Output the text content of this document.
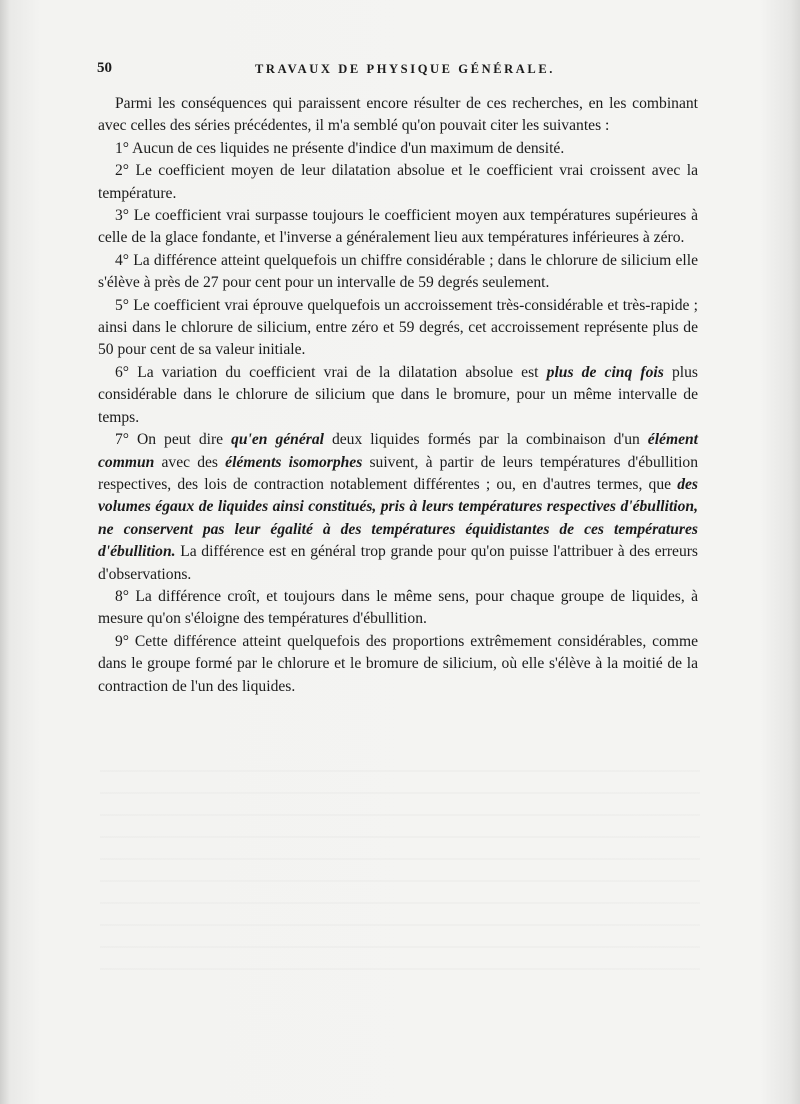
50	TRAVAUX DE PHYSIQUE GÉNÉRALE.

Parmi les conséquences qui paraissent encore résulter de ces recherches, en les combinant avec celles des séries précédentes, il m'a semblé qu'on pouvait citer les suivantes :

1° Aucun de ces liquides ne présente d'indice d'un maximum de densité.

2° Le coefficient moyen de leur dilatation absolue et le coefficient vrai croissent avec la température.

3° Le coefficient vrai surpasse toujours le coefficient moyen aux températures supérieures à celle de la glace fondante, et l'inverse a généralement lieu aux températures inférieures à zéro.

4° La différence atteint quelquefois un chiffre considérable ; dans le chlorure de silicium elle s'élève à près de 27 pour cent pour un intervalle de 59 degrés seulement.

5° Le coefficient vrai éprouve quelquefois un accroissement très-considérable et très-rapide ; ainsi dans le chlorure de silicium, entre zéro et 59 degrés, cet accroissement représente plus de 50 pour cent de sa valeur initiale.

6° La variation du coefficient vrai de la dilatation absolue est plus de cinq fois plus considérable dans le chlorure de silicium que dans le bromure, pour un même intervalle de temps.

7° On peut dire qu'en général deux liquides formés par la combinaison d'un élément commun avec des éléments isomorphes suivent, à partir de leurs températures d'ébullition respectives, des lois de contraction notablement différentes ; ou, en d'autres termes, que des volumes égaux de liquides ainsi constitués, pris à leurs températures respectives d'ébullition, ne conservent pas leur égalité à des températures équidistantes de ces températures d'ébullition. La différence est en général trop grande pour qu'on puisse l'attribuer à des erreurs d'observations.

8° La différence croît, et toujours dans le même sens, pour chaque groupe de liquides, à mesure qu'on s'éloigne des températures d'ébullition.

9° Cette différence atteint quelquefois des proportions extrêmement considérables, comme dans le groupe formé par le chlorure et le bromure de silicium, où elle s'élève à la moitié de la contraction de l'un des liquides.
